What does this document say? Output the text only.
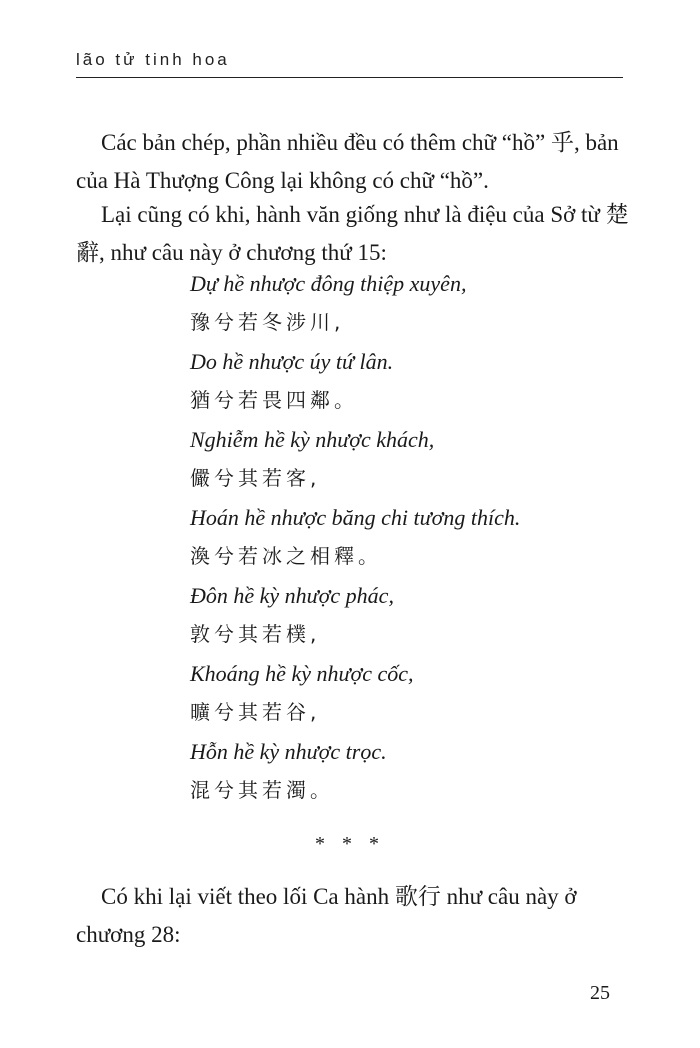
lão tử tinh hoa

Các bản chép, phần nhiều đều có thêm chữ “hồ” 乎, bản của Hà Thượng Công lại không có chữ “hồ”.

Lại cũng có khi, hành văn giống như là điệu của Sở từ 楚辭, như câu này ở chương thứ 15:

Dự hề nhược đông thiệp xuyên,
豫兮若冬涉川,
Do hề nhược úy tứ lân.
猶兮若畏四鄰。
Nghiễm hề kỳ nhược khách,
儼兮其若客,
Hoán hề nhược băng chi tương thích.
渙兮若冰之相釋。
Đôn hề kỳ nhược phác,
敦兮其若樸,
Khoáng hề kỳ nhược cốc,
曠兮其若谷,
Hỗn hề kỳ nhược trọc.
混兮其若濁。
* * *

Có khi lại viết theo lối Ca hành 歌行 như câu này ở chương 28:

25
